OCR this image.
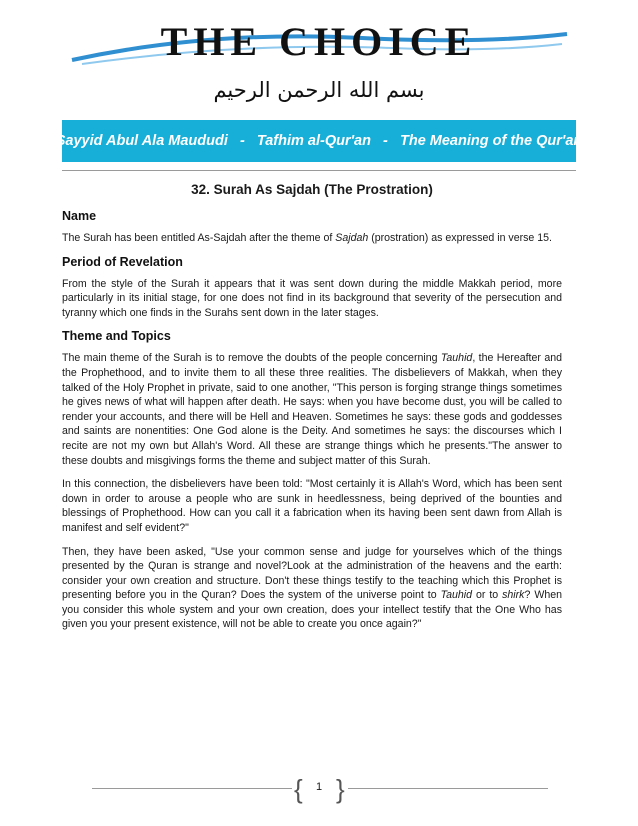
THE CHOICE
بسم الله الرحمن الرحيم
Sayyid Abul Ala Maududi   -   Tafhim al-Qur'an   -   The Meaning of the Qur'an
32. Surah As Sajdah (The Prostration)
Name

The Surah has been entitled As-Sajdah after the theme of Sajdah (prostration) as expressed in verse 15.

Period of Revelation

From the style of the Surah it appears that it was sent down during the middle Makkah period, more particularly in its initial stage, for one does not find in its background that severity of the persecution and tyranny which one finds in the Surahs sent down in the later stages.

Theme and Topics

The main theme of the Surah is to remove the doubts of the people concerning Tauhid, the Hereafter and the Prophethood, and to invite them to all these three realities. The disbelievers of Makkah, when they talked of the Holy Prophet in private, said to one another, "This person is forging strange things sometimes he gives news of what will happen after death. He says: when you have become dust, you will be called to render your accounts, and there will be Hell and Heaven. Sometimes he says: these gods and goddesses and saints are nonentities: One God alone is the Deity. And sometimes he says: the discourses which I recite are not my own but Allah's Word. All these are strange things which he presents."The answer to these doubts and misgivings forms the theme and subject matter of this Surah.

In this connection, the disbelievers have been told: "Most certainly it is Allah's Word, which has been sent down in order to arouse a people who are sunk in heedlessness, being deprived of the bounties and blessings of Prophethood. How can you call it a fabrication when its having been sent dawn from Allah is manifest and self evident?"

Then, they have been asked, "Use your common sense and judge for yourselves which of the things presented by the Quran is strange and novel?Look at the administration of the heavens and the earth: consider your own creation and structure. Don't these things testify to the teaching which this Prophet is presenting before you in the Quran? Does the system of the universe point to Tauhid or to shirk? When you consider this whole system and your own creation, does your intellect testify that the One Who has given you your present existence, will not be able to create you once again?"

{	1 }
